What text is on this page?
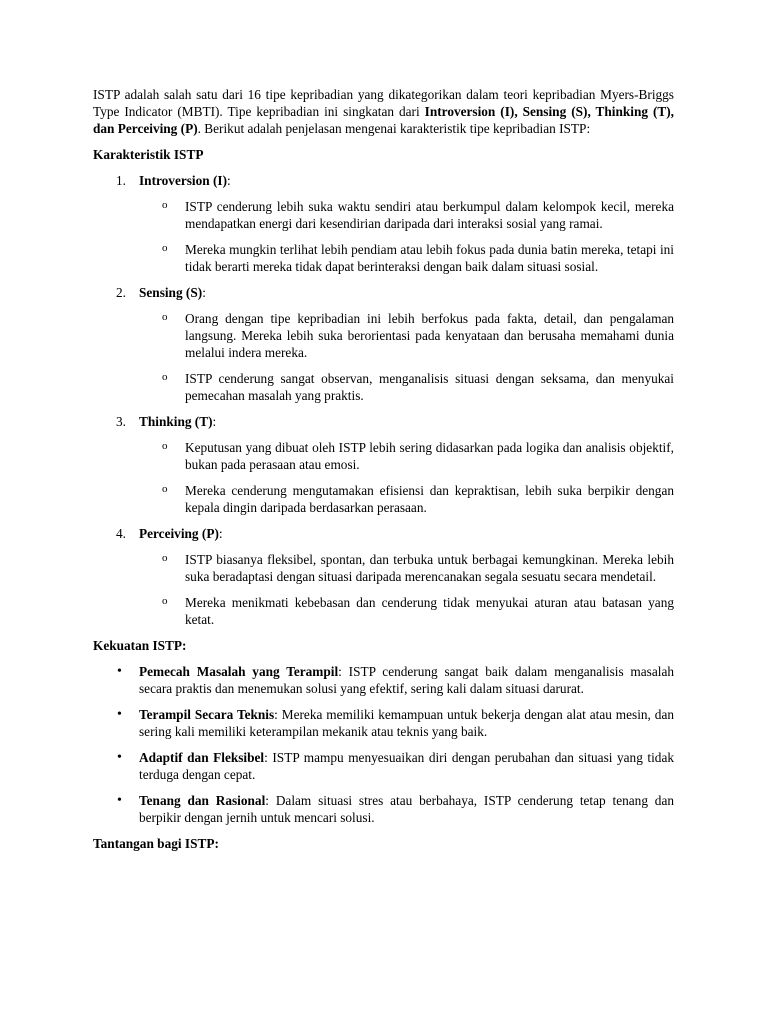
ISTP adalah salah satu dari 16 tipe kepribadian yang dikategorikan dalam teori kepribadian Myers-Briggs Type Indicator (MBTI). Tipe kepribadian ini singkatan dari Introversion (I), Sensing (S), Thinking (T), dan Perceiving (P). Berikut adalah penjelasan mengenai karakteristik tipe kepribadian ISTP:

Karakteristik ISTP

1. Introversion (I):
o ISTP cenderung lebih suka waktu sendiri atau berkumpul dalam kelompok kecil, mereka mendapatkan energi dari kesendirian daripada dari interaksi sosial yang ramai.
o Mereka mungkin terlihat lebih pendiam atau lebih fokus pada dunia batin mereka, tetapi ini tidak berarti mereka tidak dapat berinteraksi dengan baik dalam situasi sosial.
2. Sensing (S):
o Orang dengan tipe kepribadian ini lebih berfokus pada fakta, detail, dan pengalaman langsung. Mereka lebih suka berorientasi pada kenyataan dan berusaha memahami dunia melalui indera mereka.
o ISTP cenderung sangat observan, menganalisis situasi dengan seksama, dan menyukai pemecahan masalah yang praktis.
3. Thinking (T):
o Keputusan yang dibuat oleh ISTP lebih sering didasarkan pada logika dan analisis objektif, bukan pada perasaan atau emosi.
o Mereka cenderung mengutamakan efisiensi dan kepraktisan, lebih suka berpikir dengan kepala dingin daripada berdasarkan perasaan.
4. Perceiving (P):
o ISTP biasanya fleksibel, spontan, dan terbuka untuk berbagai kemungkinan. Mereka lebih suka beradaptasi dengan situasi daripada merencanakan segala sesuatu secara mendetail.
o Mereka menikmati kebebasan dan cenderung tidak menyukai aturan atau batasan yang ketat.

Kekuatan ISTP:

• Pemecah Masalah yang Terampil: ISTP cenderung sangat baik dalam menganalisis masalah secara praktis dan menemukan solusi yang efektif, sering kali dalam situasi darurat.
• Terampil Secara Teknis: Mereka memiliki kemampuan untuk bekerja dengan alat atau mesin, dan sering kali memiliki keterampilan mekanik atau teknis yang baik.
• Adaptif dan Fleksibel: ISTP mampu menyesuaikan diri dengan perubahan dan situasi yang tidak terduga dengan cepat.
• Tenang dan Rasional: Dalam situasi stres atau berbahaya, ISTP cenderung tetap tenang dan berpikir dengan jernih untuk mencari solusi.

Tantangan bagi ISTP:
